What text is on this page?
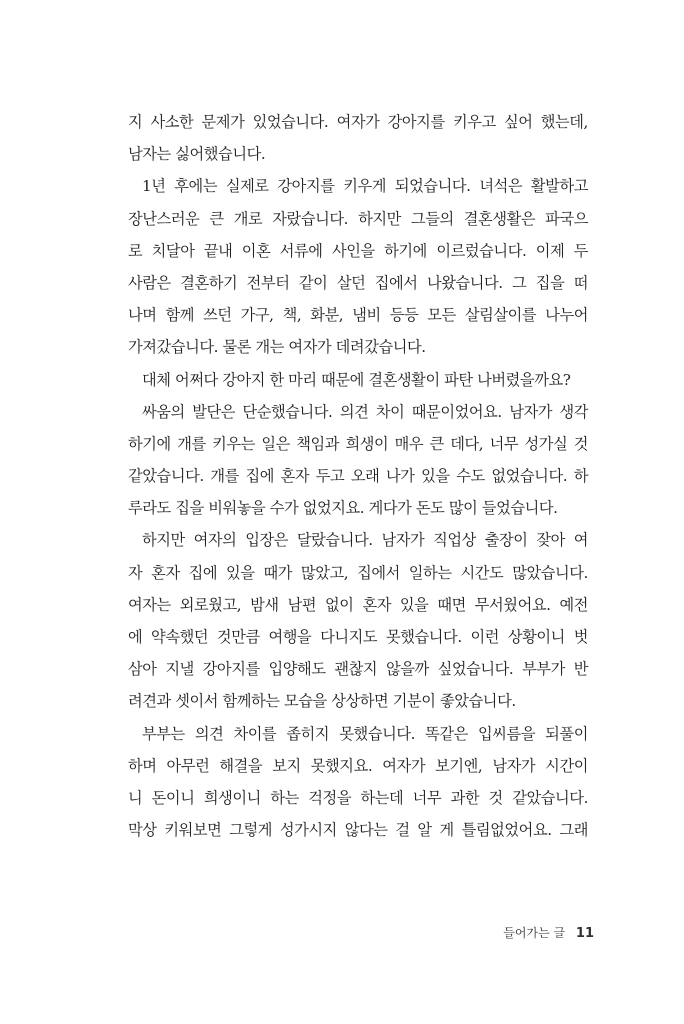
지 사소한 문제가 있었습니다. 여자가 강아지를 키우고 싶어 했는데,
남자는 싫어했습니다.
1년 후에는 실제로 강아지를 키우게 되었습니다. 녀석은 활발하고
장난스러운 큰 개로 자랐습니다. 하지만 그들의 결혼생활은 파국으
로 치달아 끝내 이혼 서류에 사인을 하기에 이르렀습니다. 이제 두
사람은 결혼하기 전부터 같이 살던 집에서 나왔습니다. 그 집을 떠
나며 함께 쓰던 가구, 책, 화분, 냄비 등등 모든 살림살이를 나누어
가져갔습니다. 물론 개는 여자가 데려갔습니다.
대체 어쩌다 강아지 한 마리 때문에 결혼생활이 파탄 나버렸을까요?
싸움의 발단은 단순했습니다. 의견 차이 때문이었어요. 남자가 생각
하기에 개를 키우는 일은 책임과 희생이 매우 큰 데다, 너무 성가실 것
같았습니다. 개를 집에 혼자 두고 오래 나가 있을 수도 없었습니다. 하
루라도 집을 비워놓을 수가 없었지요. 게다가 돈도 많이 들었습니다.
하지만 여자의 입장은 달랐습니다. 남자가 직업상 출장이 잦아 여
자 혼자 집에 있을 때가 많았고, 집에서 일하는 시간도 많았습니다.
여자는 외로웠고, 밤새 남편 없이 혼자 있을 때면 무서웠어요. 예전
에 약속했던 것만큼 여행을 다니지도 못했습니다. 이런 상황이니 벗
삼아 지낼 강아지를 입양해도 괜찮지 않을까 싶었습니다. 부부가 반
려견과 셋이서 함께하는 모습을 상상하면 기분이 좋았습니다.
부부는 의견 차이를 좁히지 못했습니다. 똑같은 입씨름을 되풀이
하며 아무런 해결을 보지 못했지요. 여자가 보기엔, 남자가 시간이
니 돈이니 희생이니 하는 걱정을 하는데 너무 과한 것 같았습니다.
막상 키워보면 그렇게 성가시지 않다는 걸 알 게 틀림없었어요. 그래
들어가는 글 11
